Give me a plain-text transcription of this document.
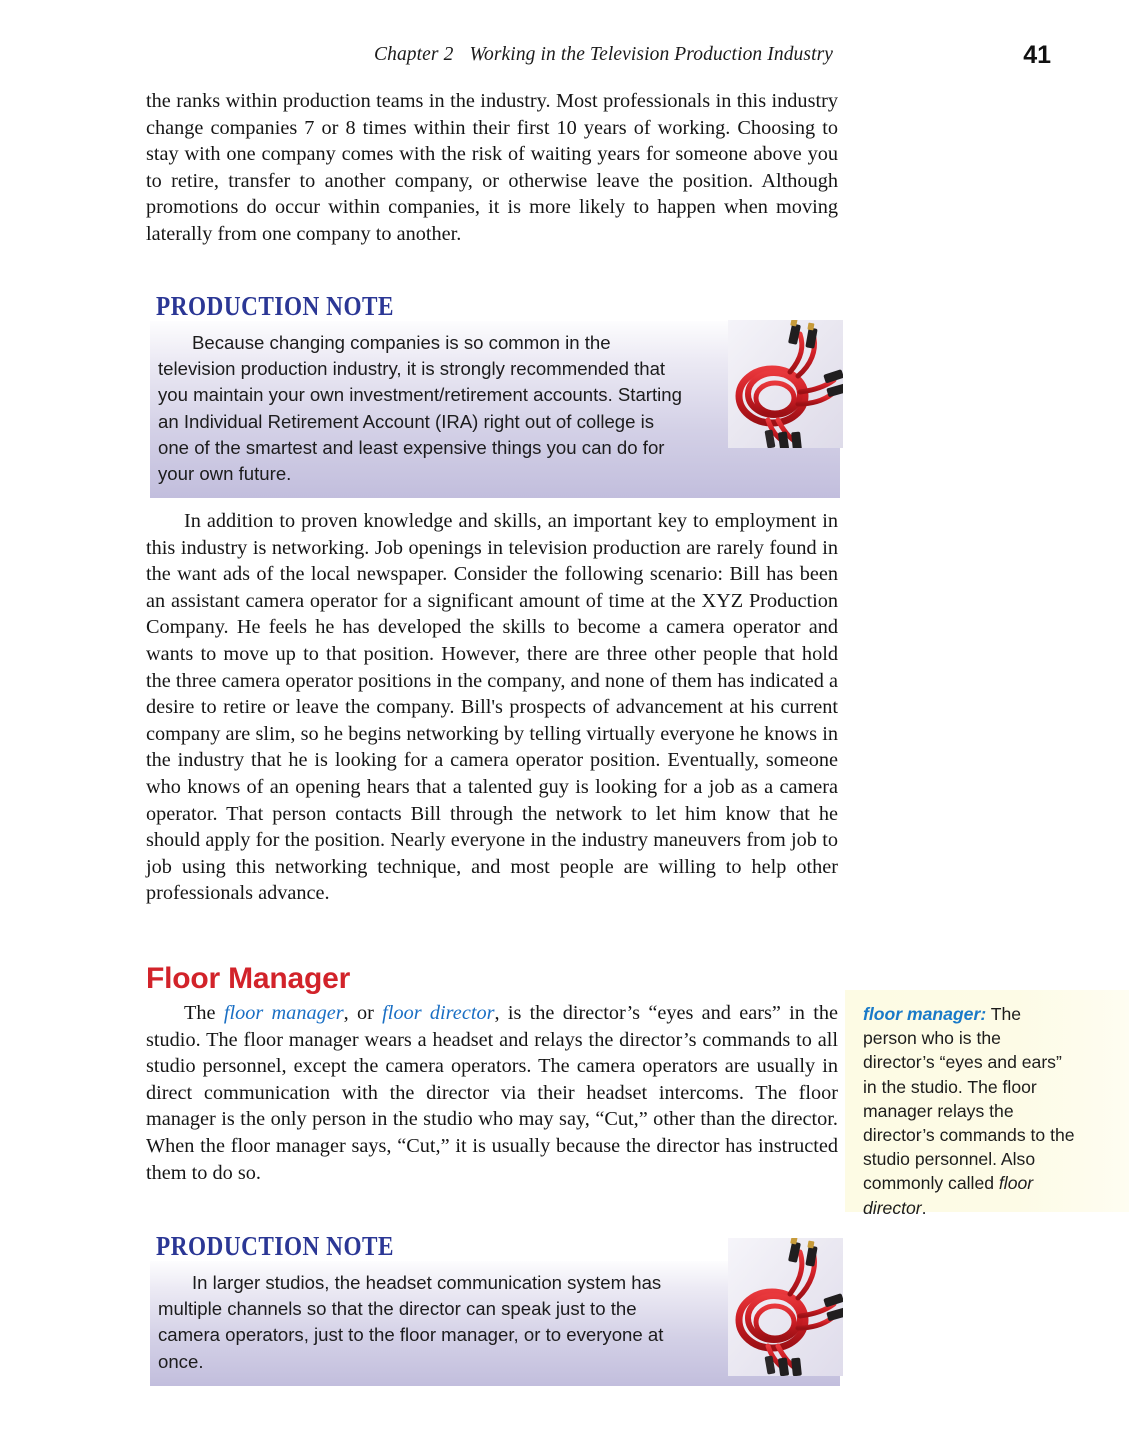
Chapter 2 Working in the Television Production Industry	41

the ranks within production teams in the industry. Most professionals in this industry change companies 7 or 8 times within their first 10 years of working. Choosing to stay with one company comes with the risk of waiting years for someone above you to retire, transfer to another company, or otherwise leave the position. Although promotions do occur within companies, it is more likely to happen when moving laterally from one company to another.

PRODUCTION NOTE

Because changing companies is so common in the television production industry, it is strongly recommended that you maintain your own investment/retirement accounts. Starting an Individual Retirement Account (IRA) right out of college is one of the smartest and least expensive things you can do for your own future.

In addition to proven knowledge and skills, an important key to employment in this industry is networking. Job openings in television production are rarely found in the want ads of the local newspaper. Consider the following scenario: Bill has been an assistant camera operator for a significant amount of time at the XYZ Production Company. He feels he has developed the skills to become a camera operator and wants to move up to that position. However, there are three other people that hold the three camera operator positions in the company, and none of them has indicated a desire to retire or leave the company. Bill's prospects of advancement at his current company are slim, so he begins networking by telling virtually everyone he knows in the industry that he is looking for a camera operator position. Eventually, someone who knows of an opening hears that a talented guy is looking for a job as a camera operator. That person contacts Bill through the network to let him know that he should apply for the position. Nearly everyone in the industry maneuvers from job to job using this networking technique, and most people are willing to help other professionals advance.

Floor Manager

The floor manager, or floor director, is the director’s “eyes and ears” in the studio. The floor manager wears a headset and relays the director’s commands to all studio personnel, except the camera operators. The camera operators are usually in direct communication with the director via their headset intercoms. The floor manager is the only person in the studio who may say, “Cut,” other than the director. When the floor manager says, “Cut,” it is usually because the director has instructed them to do so.

floor manager: The person who is the director’s “eyes and ears” in the studio. The floor manager relays the director’s commands to the studio personnel. Also commonly called floor director.
PRODUCTION NOTE

In larger studios, the headset communication system has multiple channels so that the director can speak just to the camera operators, just to the floor manager, or to everyone at once.
